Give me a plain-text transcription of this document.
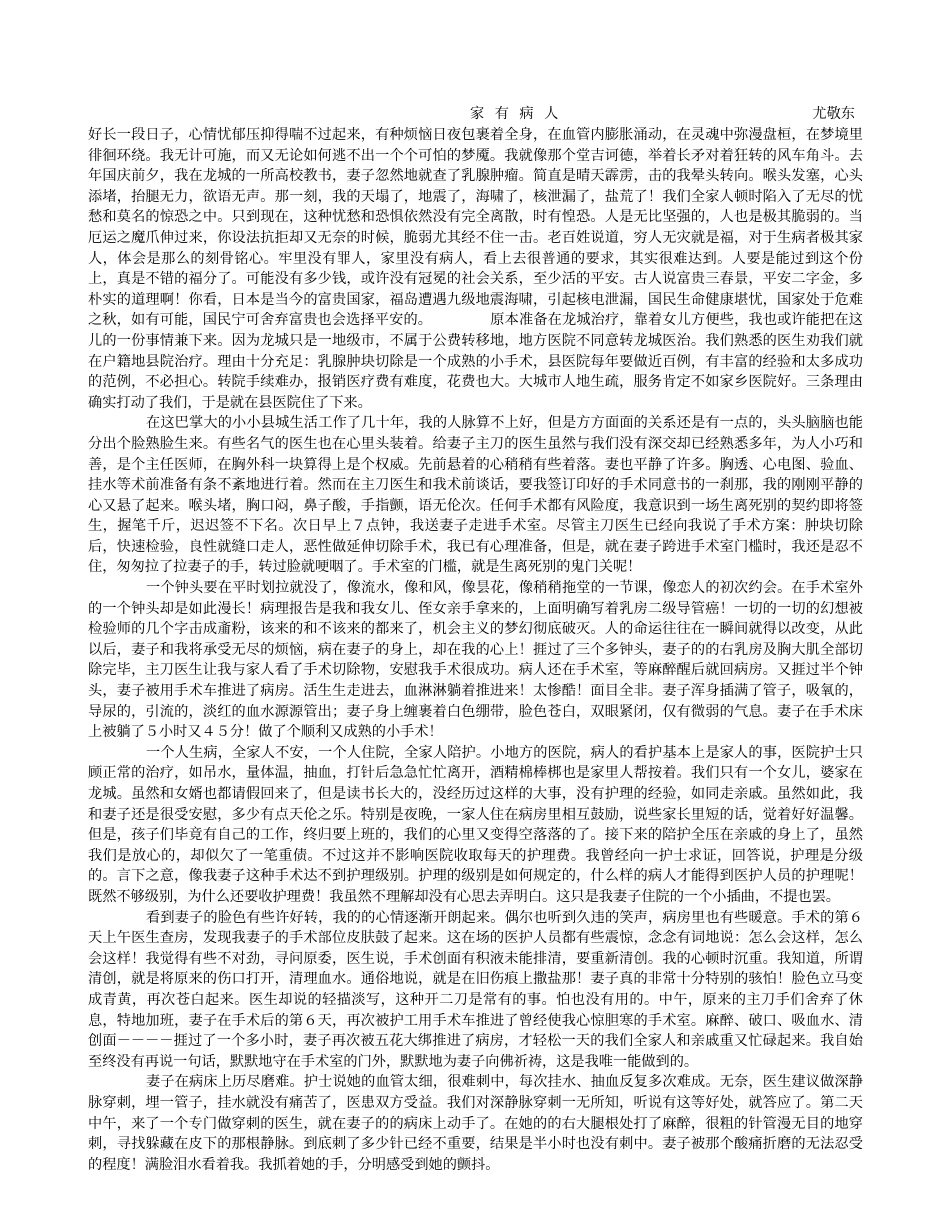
家 有 病 人	尤敬东

好长一段日子，心情忧郁压抑得喘不过起来，有种烦恼日夜包裹着全身，在血管内膨胀涌动，在灵魂中弥漫盘桓，在梦境里徘徊环绕。我无计可施，而又无论如何逃不出一个个可怕的梦魇。我就像那个堂吉诃德，举着长矛对着狂转的风车角斗。去年国庆前夕，我在龙城的一所高校教书，妻子忽然地就查了乳腺肿瘤。简直是晴天霹雳，击的我晕头转向。喉头发塞，心头添堵，抬腿无力，欲语无声。那一刻，我的天塌了，地震了，海啸了，核泄漏了，盐荒了！我们全家人顿时陷入了无尽的忧愁和莫名的惊恐之中。只到现在，这种忧愁和恐惧依然没有完全离散，时有惶恐。人是无比坚强的，人也是极其脆弱的。当厄运之魔爪伸过来，你设法抗拒却又无奈的时候，脆弱尤其经不住一击。老百姓说道，穷人无灾就是福，对于生病者极其家人，体会是那么的刻骨铭心。牢里没有罪人，家里没有病人，看上去很普通的要求，其实很难达到。人要是能过到这个份上，真是不错的福分了。可能没有多少钱，或许没有冠冕的社会关系，至少活的平安。古人说富贵三春景，平安二字金，多朴实的道理啊！你看，日本是当今的富贵国家，福岛遭遇九级地震海啸，引起核电泄漏，国民生命健康堪忧，国家处于危难之秋，如有可能，国民宁可舍弃富贵也会选择平安的。	原本准备在龙城治疗，靠着女儿方便些，我也或许能把在这儿的一份事情兼下来。因为龙城只是一地级市，不属于公费转移地，地方医院不同意转龙城医治。我们熟悉的医生劝我们就在户籍地县院治疗。理由十分充足：乳腺肿块切除是一个成熟的小手术，县医院每年要做近百例，有丰富的经验和太多成功的范例，不必担心。转院手续难办，报销医疗费有难度，花费也大。大城市人地生疏，服务肯定不如家乡医院好。三条理由确实打动了我们，于是就在县医院住了下来。

在这巴掌大的小小县城生活工作了几十年，我的人脉算不上好，但是方方面面的关系还是有一点的，头头脑脑也能分出个脸熟脸生来。有些名气的医生也在心里头装着。给妻子主刀的医生虽然与我们没有深交却已经熟悉多年，为人小巧和善，是个主任医师，在胸外科一块算得上是个权威。先前悬着的心稍稍有些着落。妻也平静了许多。胸透、心电图、验血、挂水等术前准备有条不紊地进行着。然而在主刀医生和我术前谈话，要我签订印好的手术同意书的一刹那，我的刚刚平静的心又悬了起来。喉头堵，胸口闷，鼻子酸，手指颤，语无伦次。任何手术都有风险度，我意识到一场生离死别的契约即将签生，握笔千斤，迟迟签不下名。次日早上７点钟，我送妻子走进手术室。尽管主刀医生已经向我说了手术方案：肿块切除后，快速检验，良性就缝口走人，恶性做延伸切除手术，我已有心理准备，但是，就在妻子跨进手术室门槛时，我还是忍不住，匆匆拉了拉妻子的手，转过脸就哽咽了。手术室的门槛，就是生离死别的鬼门关呢！

一个钟头要在平时划拉就没了，像流水，像和风，像昙花，像稍稍拖堂的一节课，像恋人的初次约会。在手术室外的一个钟头却是如此漫长！病理报告是我和我女儿、侄女亲手拿来的，上面明确写着乳房二级导管癌！一切的一切的幻想被检验师的几个字击成齑粉，该来的和不该来的都来了，机会主义的梦幻彻底破灭。人的命运往往在一瞬间就得以改变，从此以后，妻子和我将承受无尽的烦恼，病在妻子的身上，却在我的心上！捱过了三个多钟头，妻子的的右乳房及胸大肌全部切除完毕，主刀医生让我与家人看了手术切除物，安慰我手术很成功。病人还在手术室，等麻醉醒后就回病房。又捱过半个钟头，妻子被用手术车推进了病房。活生生走进去，血淋淋躺着推进来！太惨酷！面目全非。妻子浑身插满了管子，吸氧的，导尿的，引流的，淡红的血水源源管出；妻子身上缠裹着白色绷带，脸色苍白，双眼紧闭，仅有微弱的气息。妻子在手术床上被躺了５小时又４５分！做了个顺利又成熟的小手术！

一个人生病，全家人不安，一个人住院，全家人陪护。小地方的医院，病人的看护基本上是家人的事，医院护士只顾正常的治疗，如吊水，量体温，抽血，打针后急急忙忙离开，酒精棉棒梆也是家里人帮按着。我们只有一个女儿，婆家在龙城。虽然和女婿也都请假回来了，但是读书长大的，没经历过这样的大事，没有护理的经验，如同走亲戚。虽然如此，我和妻子还是很受安慰，多少有点天伦之乐。特别是夜晚，一家人住在病房里相互鼓励，说些家长里短的话，觉着好好温馨。但是，孩子们毕竟有自己的工作，终归要上班的，我们的心里又变得空落落的了。接下来的陪护全压在亲戚的身上了，虽然我们是放心的，却似欠了一笔重债。不过这并不影响医院收取每天的护理费。我曾经向一护士求证，回答说，护理是分级的。言下之意，像我妻子这种手术达不到护理级别。护理的级别是如何规定的，什么样的病人才能得到医护人员的护理呢！既然不够级别，为什么还要收护理费！我虽然不理解却没有心思去弄明白。这只是我妻子住院的一个小插曲，不提也罢。

看到妻子的脸色有些许好转，我的的心情逐渐开朗起来。偶尔也听到久违的笑声，病房里也有些暖意。手术的第６天上午医生查房，发现我妻子的手术部位皮肤鼓了起来。这在场的医护人员都有些震惊，念念有词地说：怎么会这样，怎么会这样！我觉得有些不对劲，寻问原委，医生说，手术创面有积液未能排清，要重新清创。我的心顿时沉重。我知道，所谓清创，就是将原来的伤口打开，清理血水。通俗地说，就是在旧伤痕上撒盐那！妻子真的非常十分特别的骇怕！脸色立马变成青黄，再次苍白起来。医生却说的轻描淡写，这种开二刀是常有的事。怕也没有用的。中午，原来的主刀手们舍弃了休息，特地加班，妻子在手术后的第６天，再次被护工用手术车推进了曾经使我心惊胆寒的手术室。麻醉、破口、吸血水、清创面－－－－捱过了一个多小时，妻子再次被五花大绑推进了病房，才轻松一天的我们全家人和亲戚重又忙碌起来。我自始至终没有再说一句话，默默地守在手术室的门外，默默地为妻子向佛祈祷，这是我唯一能做到的。

妻子在病床上历尽磨难。护士说她的血管太细，很难刺中，每次挂水、抽血反复多次难成。无奈，医生建议做深静脉穿刺，埋一管子，挂水就没有痛苦了，医患双方受益。我们对深静脉穿刺一无所知，听说有这等好处，就答应了。第二天中午，来了一个专门做穿刺的医生，就在妻子的的病床上动手了。在她的的右大腿根处打了麻醉，很粗的针管漫无目的地穿刺，寻找躲藏在皮下的那根静脉。到底刺了多少针已经不重要，结果是半小时也没有刺中。妻子被那个酸痛折磨的无法忍受的程度！满脸泪水看着我。我抓着她的手，分明感受到她的颤抖。
